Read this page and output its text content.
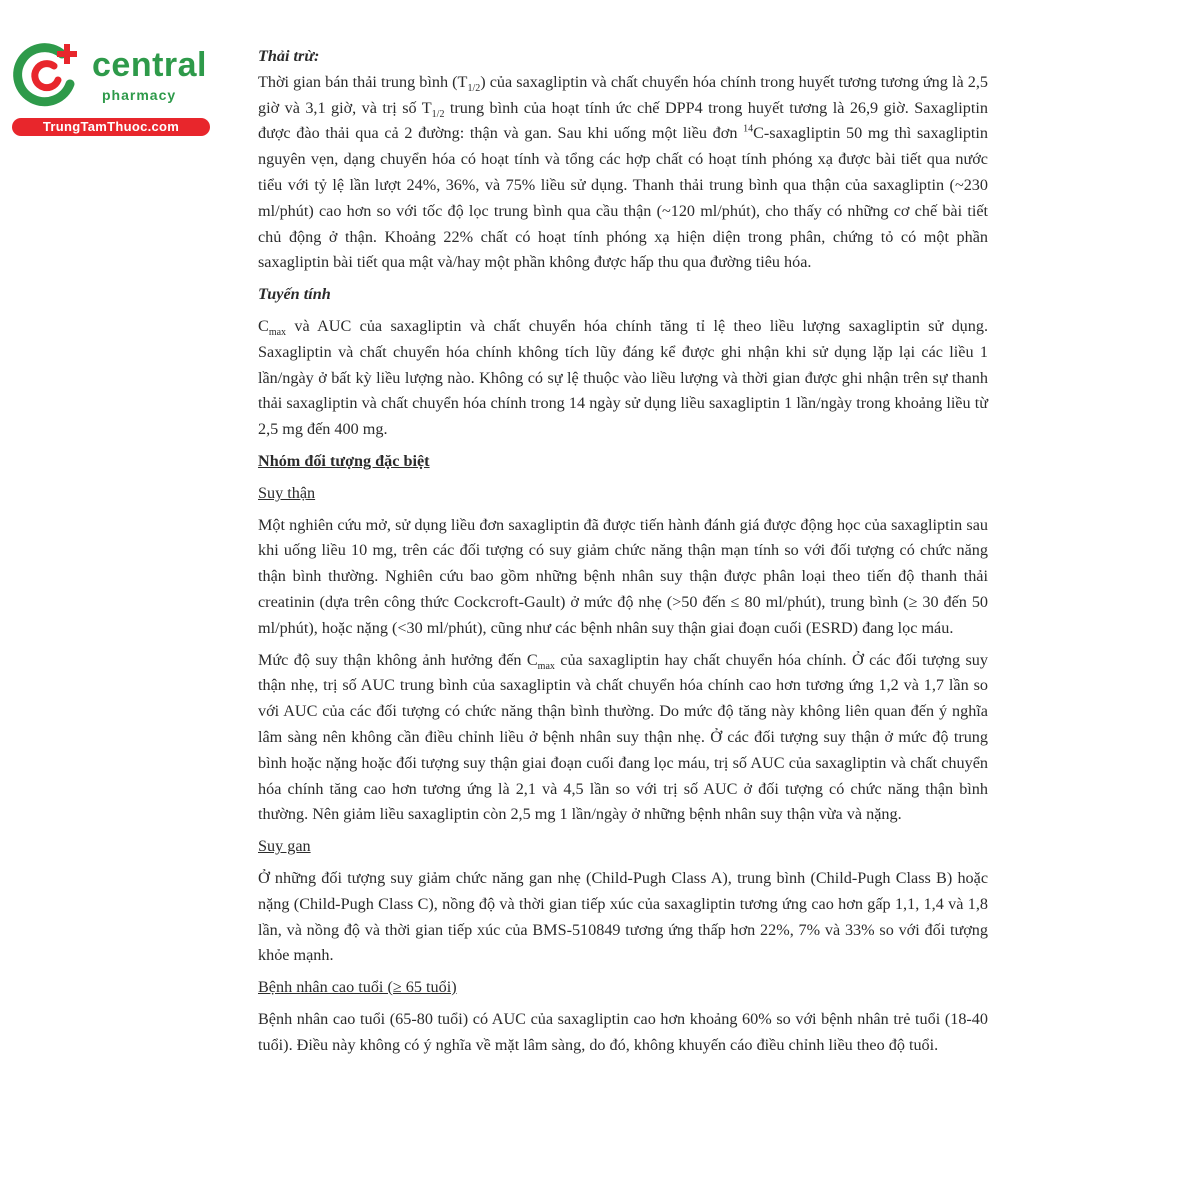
central
pharmacy
TrungTamThuoc.com

Thải trừ:

Thời gian bán thải trung bình $(T_{1/2})$ của saxagliptin và chất chuyển hóa chính trong huyết tương tương ứng là 2,5 giờ và 3,1 giờ, và trị số $T_{1/2}$ trung bình của hoạt tính ức chế DPP4 trong huyết tương là 26,9 giờ. Saxagliptin được đào thải qua cả 2 đường: thận và gan. Sau khi uống một liều đơn $^{14}$C-saxagliptin 50 mg thì saxagliptin nguyên vẹn, dạng chuyển hóa có hoạt tính và tổng các hợp chất có hoạt tính phóng xạ được bài tiết qua nước tiểu với tỷ lệ lần lượt 24%, 36%, và 75% liều sử dụng. Thanh thải trung bình qua thận của saxagliptin (~230 ml/phút) cao hơn so với tốc độ lọc trung bình qua cầu thận (~120 ml/phút), cho thấy có những cơ chế bài tiết chủ động ở thận. Khoảng 22% chất có hoạt tính phóng xạ hiện diện trong phân, chứng tỏ có một phần saxagliptin bài tiết qua mật và/hay một phần không được hấp thu qua đường tiêu hóa.

Tuyến tính

$C_{max}$ và AUC của saxagliptin và chất chuyển hóa chính tăng tỉ lệ theo liều lượng saxagliptin sử dụng. Saxagliptin và chất chuyển hóa chính không tích lũy đáng kể được ghi nhận khi sử dụng lặp lại các liều 1 lần/ngày ở bất kỳ liều lượng nào. Không có sự lệ thuộc vào liều lượng và thời gian được ghi nhận trên sự thanh thải saxagliptin và chất chuyển hóa chính trong 14 ngày sử dụng liều saxagliptin 1 lần/ngày trong khoảng liều từ 2,5 mg đến 400 mg.

Nhóm đối tượng đặc biệt

Suy thận

Một nghiên cứu mở, sử dụng liều đơn saxagliptin đã được tiến hành đánh giá được động học của saxagliptin sau khi uống liều 10 mg, trên các đối tượng có suy giảm chức năng thận mạn tính so với đối tượng có chức năng thận bình thường. Nghiên cứu bao gồm những bệnh nhân suy thận được phân loại theo tiến độ thanh thải creatinin (dựa trên công thức Cockcroft-Gault) ở mức độ nhẹ (>50 đến ≤ 80 ml/phút), trung bình (≥ 30 đến 50 ml/phút), hoặc nặng (<30 ml/phút), cũng như các bệnh nhân suy thận giai đoạn cuối (ESRD) đang lọc máu.

Mức độ suy thận không ảnh hưởng đến $C_{max}$ của saxagliptin hay chất chuyển hóa chính. Ở các đối tượng suy thận nhẹ, trị số AUC trung bình của saxagliptin và chất chuyển hóa chính cao hơn tương ứng 1,2 và 1,7 lần so với AUC của các đối tượng có chức năng thận bình thường. Do mức độ tăng này không liên quan đến ý nghĩa lâm sàng nên không cần điều chỉnh liều ở bệnh nhân suy thận nhẹ. Ở các đối tượng suy thận ở mức độ trung bình hoặc nặng hoặc đối tượng suy thận giai đoạn cuối đang lọc máu, trị số AUC của saxagliptin và chất chuyển hóa chính tăng cao hơn tương ứng là 2,1 và 4,5 lần so với trị số AUC ở đối tượng có chức năng thận bình thường. Nên giảm liều saxagliptin còn 2,5 mg 1 lần/ngày ở những bệnh nhân suy thận vừa và nặng.

Suy gan

Ở những đối tượng suy giảm chức năng gan nhẹ (Child-Pugh Class A), trung bình (Child-Pugh Class B) hoặc nặng (Child-Pugh Class C), nồng độ và thời gian tiếp xúc của saxagliptin tương ứng cao hơn gấp 1,1, 1,4 và 1,8 lần, và nồng độ và thời gian tiếp xúc của BMS-510849 tương ứng thấp hơn 22%, 7% và 33% so với đối tượng khỏe mạnh.

Bệnh nhân cao tuổi (≥ 65 tuổi)

Bệnh nhân cao tuổi (65-80 tuổi) có AUC của saxagliptin cao hơn khoảng 60% so với bệnh nhân trẻ tuổi (18-40 tuổi). Điều này không có ý nghĩa về mặt lâm sàng, do đó, không khuyến cáo điều chỉnh liều theo độ tuổi.
